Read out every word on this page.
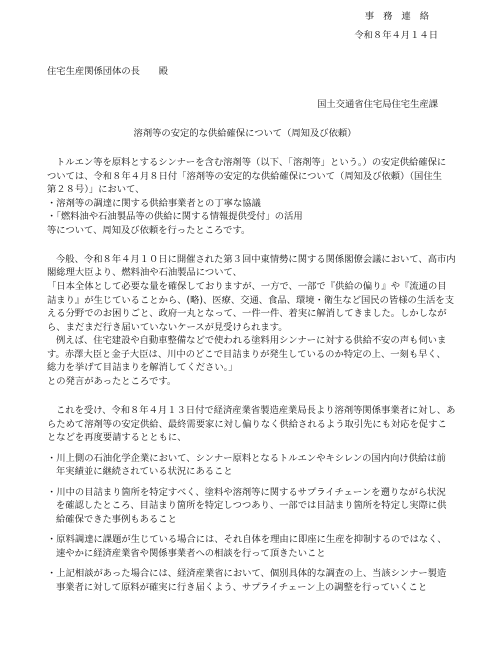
事務連絡
令和８年４月１４日
住宅生産関係団体の長　　殿
国土交通省住宅局住宅生産課
溶剤等の安定的な供給確保について（周知及び依頼）
トルエン等を原料とするシンナーを含む溶剤等（以下、「溶剤等」という。）の安定供給確保に
ついては、令和８年４月８日付「溶剤等の安定的な供給確保について（周知及び依頼）（国住生
第２８号）」において、
・溶剤等の調達に関する供給事業者との丁寧な協議
・「燃料油や石油製品等の供給に関する情報提供受付」の活用
等について、周知及び依頼を行ったところです。
今般、令和８年４月１０日に開催された第３回中東情勢に関する関係閣僚会議において、高市内
閣総理大臣より、燃料油や石油製品について、
「日本全体として必要な量を確保しておりますが、一方で、一部で『供給の偏り』や『流通の目
詰まり』が生じていることから、(略)、医療、交通、食品、環境・衛生など国民の皆様の生活を支
える分野でのお困りごと、政府一丸となって、一件一件、着実に解消してきました。しかしなが
ら、まだまだ行き届いていないケースが見受けられます。
例えば、住宅建設や自動車整備などで使われる塗料用シンナーに対する供給不安の声も伺いま
す。赤澤大臣と金子大臣は、川中のどこで目詰まりが発生しているのか特定の上、一刻も早く、
総力を挙げて目詰まりを解消してください。」
との発言があったところです。
これを受け、令和８年４月１３日付で経済産業省製造産業局長より溶剤等関係事業者に対し、あ
らためて溶剤等の安定供給、最終需要家に対し偏りなく供給されるよう取引先にも対応を促すこ
となどを再度要請するとともに、
・川上側の石油化学企業において、シンナー原料となるトルエンやキシレンの国内向け供給は前
年実績並に継続されている状況にあること
・川中の目詰まり箇所を特定すべく、塗料や溶剤等に関するサプライチェーンを遡りながら状況
を確認したところ、目詰まり箇所を特定しつつあり、一部では目詰まり箇所を特定し実際に供
給確保できた事例もあること
・原料調達に課題が生じている場合には、それ自体を理由に即座に生産を抑制するのではなく、
速やかに経済産業省や関係事業者への相談を行って頂きたいこと
・上記相談があった場合には、経済産業省において、個別具体的な調査の上、当該シンナー製造
事業者に対して原料が確実に行き届くよう、サプライチェーン上の調整を行っていくこと
